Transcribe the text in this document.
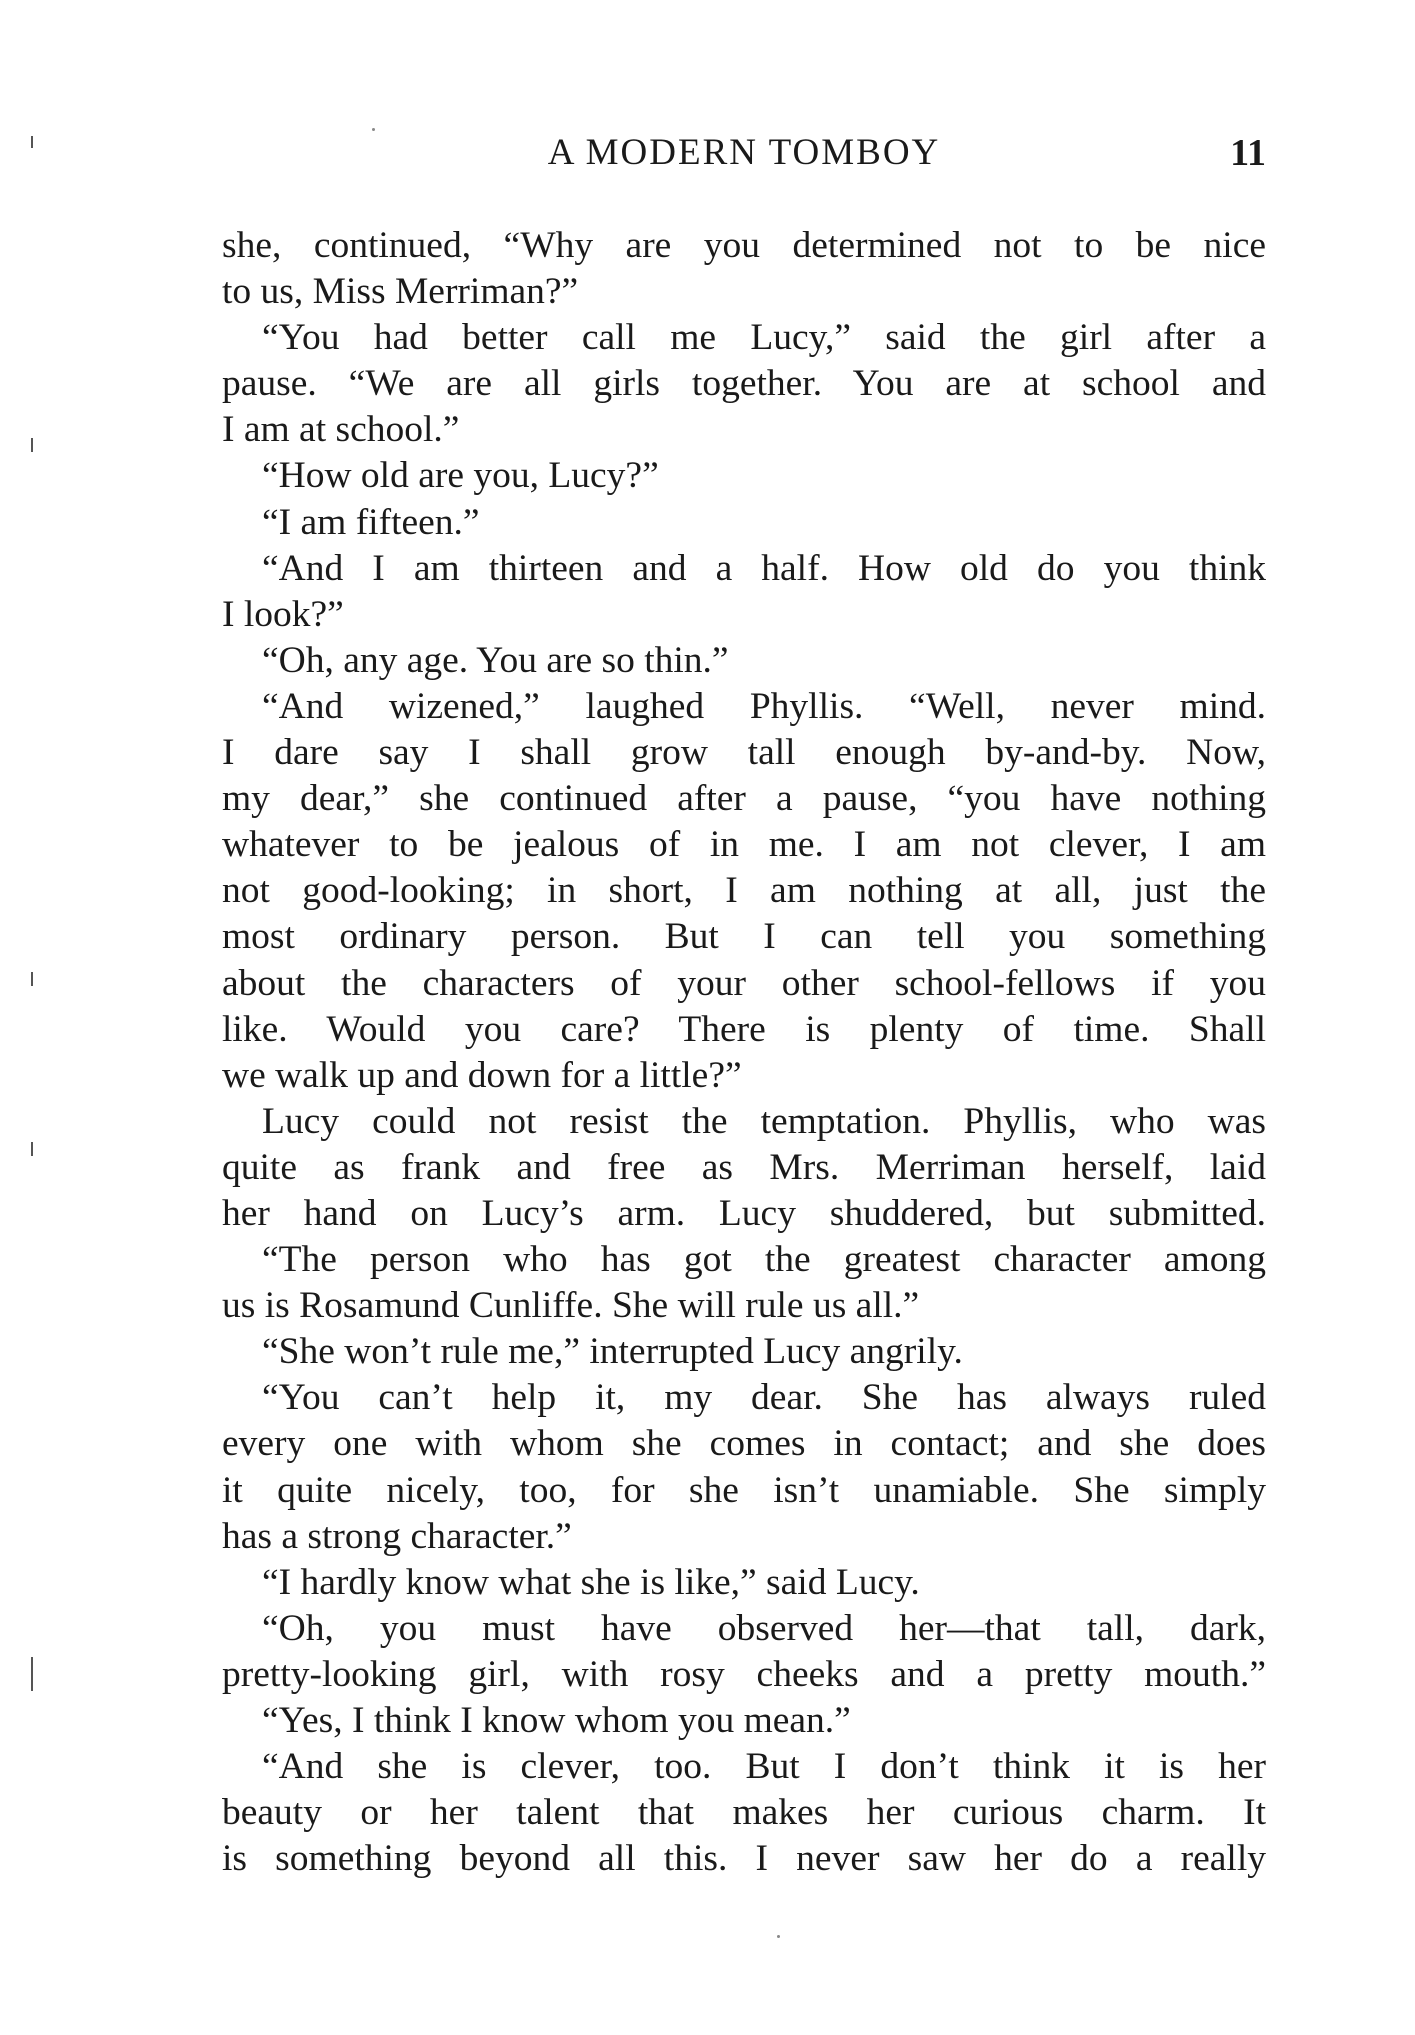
A MODERN TOMBOY	11
she, continued, “Why are you determined not to be nice
to us, Miss Merriman?”
“You had better call me Lucy,” said the girl after a
pause. “We are all girls together. You are at school and
I am at school.”
“How old are you, Lucy?”
“I am fifteen.”
“And I am thirteen and a half. How old do you think
I look?”
“Oh, any age. You are so thin.”
“And wizened,” laughed Phyllis. “Well, never mind.
I dare say I shall grow tall enough by-and-by. Now,
my dear,” she continued after a pause, “you have nothing
whatever to be jealous of in me. I am not clever, I am
not good-looking; in short, I am nothing at all, just the
most ordinary person. But I can tell you something
about the characters of your other school-fellows if you
like. Would you care? There is plenty of time. Shall
we walk up and down for a little?”
Lucy could not resist the temptation. Phyllis, who was
quite as frank and free as Mrs. Merriman herself, laid
her hand on Lucy’s arm. Lucy shuddered, but submitted.
“The person who has got the greatest character among
us is Rosamund Cunliffe. She will rule us all.”
“She won’t rule me,” interrupted Lucy angrily.
“You can’t help it, my dear. She has always ruled
every one with whom she comes in contact; and she does
it quite nicely, too, for she isn’t unamiable. She simply
has a strong character.”
“I hardly know what she is like,” said Lucy.
“Oh, you must have observed her—that tall, dark,
pretty-looking girl, with rosy cheeks and a pretty mouth.”
“Yes, I think I know whom you mean.”
“And she is clever, too. But I don’t think it is her
beauty or her talent that makes her curious charm. It
is something beyond all this. I never saw her do a really
